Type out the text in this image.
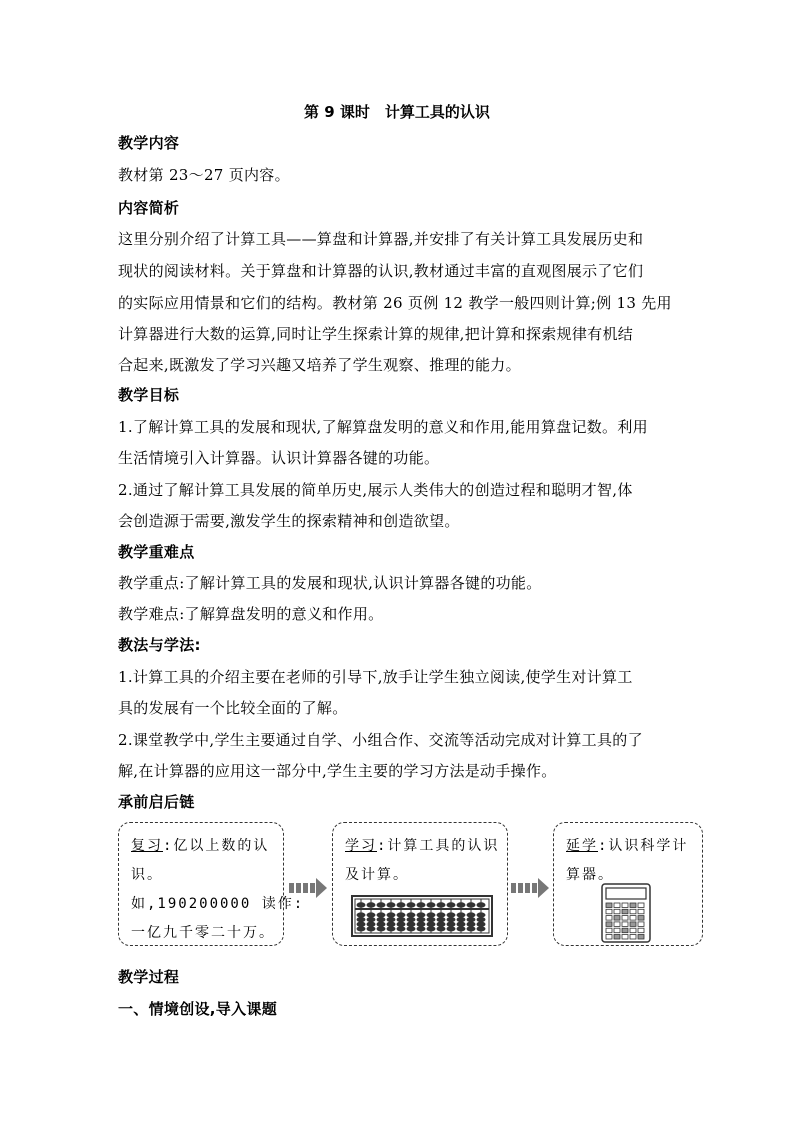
第 9 课时　计算工具的认识
教学内容
教材第 23～27 页内容。
内容简析
这里分别介绍了计算工具——算盘和计算器,并安排了有关计算工具发展历史和
现状的阅读材料。关于算盘和计算器的认识,教材通过丰富的直观图展示了它们
的实际应用情景和它们的结构。教材第 26 页例 12 教学一般四则计算;例 13 先用
计算器进行大数的运算,同时让学生探索计算的规律,把计算和探索规律有机结
合起来,既激发了学习兴趣又培养了学生观察、推理的能力。
教学目标
1.了解计算工具的发展和现状,了解算盘发明的意义和作用,能用算盘记数。利用
生活情境引入计算器。认识计算器各键的功能。
2.通过了解计算工具发展的简单历史,展示人类伟大的创造过程和聪明才智,体
会创造源于需要,激发学生的探索精神和创造欲望。
教学重难点
教学重点:了解计算工具的发展和现状,认识计算器各键的功能。
教学难点:了解算盘发明的意义和作用。
教法与学法:
1.计算工具的介绍主要在老师的引导下,放手让学生独立阅读,使学生对计算工
具的发展有一个比较全面的了解。
2.课堂教学中,学生主要通过自学、小组合作、交流等活动完成对计算工具的了
解,在计算器的应用这一部分中,学生主要的学习方法是动手操作。
承前启后链
复习:亿以上数的认
识。
如,190200000 读作:
一亿九千零二十万。
学习:计算工具的认识
及计算。
延学:认识科学计
算器。
教学过程
一、情境创设,导入课题
